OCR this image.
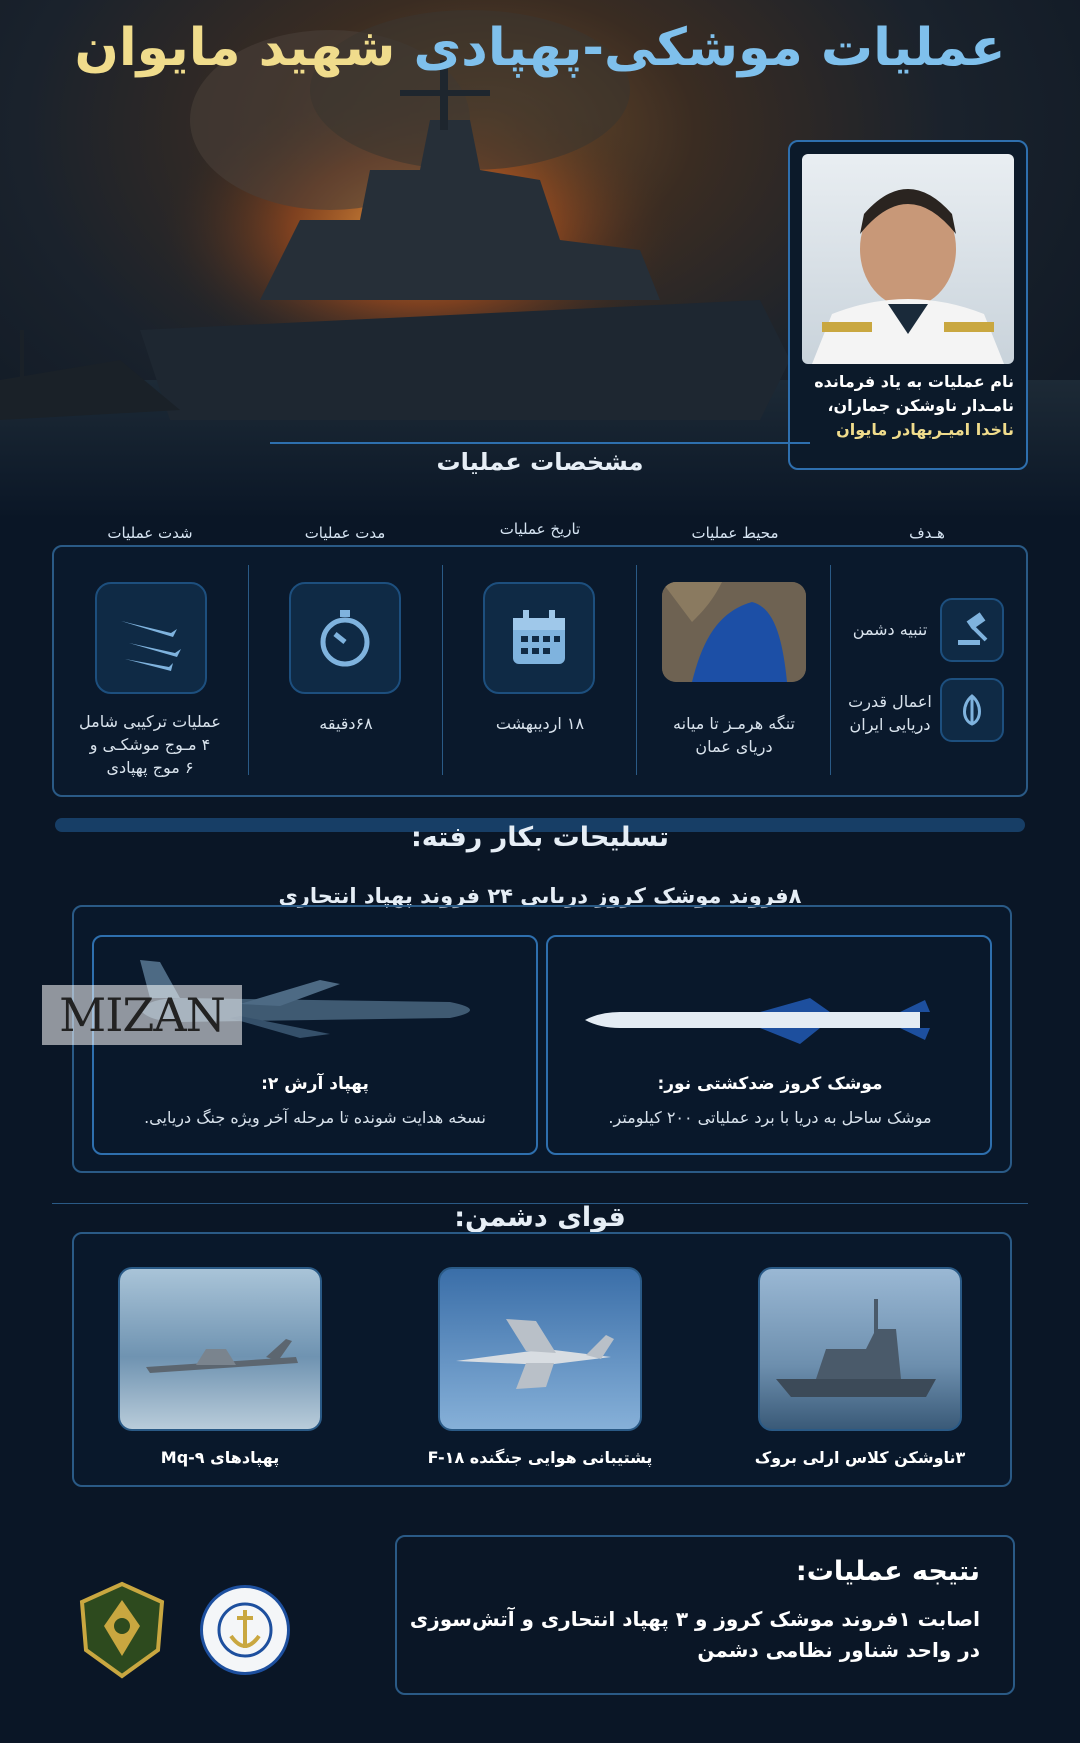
عملیات موشکی-پهپادی شهید مایوان
نام عملیات به یاد فرمانده
نامـدار ناوشکن جماران،
ناخدا امیـربهادر مایوان
مشخصات عملیات
هـدف
محیط عملیات
تاریخ عملیات
مدت عملیات
شدت عملیات
تنبیه دشمن
اعمال قدرت
دریایی ایران
تنگه هرمـز تا میانه
دریای عمان
۱۸ اردیبهشت
۶۸دقیقه
عملیات ترکیبی شامل
۴ مـوج موشکـی و
۶ موج پهپادی
تسلیحات بکار رفته:
۸فروند موشک کروز دریایی ۲۴ فروند پهپاد انتحاری
موشک کروز ضدکشتی نور:
موشک ساحل به دریا با برد عملیاتی ۲۰۰ کیلومتر.
MIZAN
پهپاد آرش ۲:
نسخه هدایت شونده تا مرحله آخر ویژه جنگ دریایی.
قوای دشمن:
۳ناوشکن کلاس ارلی بروک
پشتیبانی هوایی جنگنده F-۱۸
پهپادهای Mq-۹
نتیجه عملیات:
اصابت ۱فروند موشک کروز و ۳ پهپاد انتحاری و آتش‌سوزی
در واحد شناور نظامی دشمن
